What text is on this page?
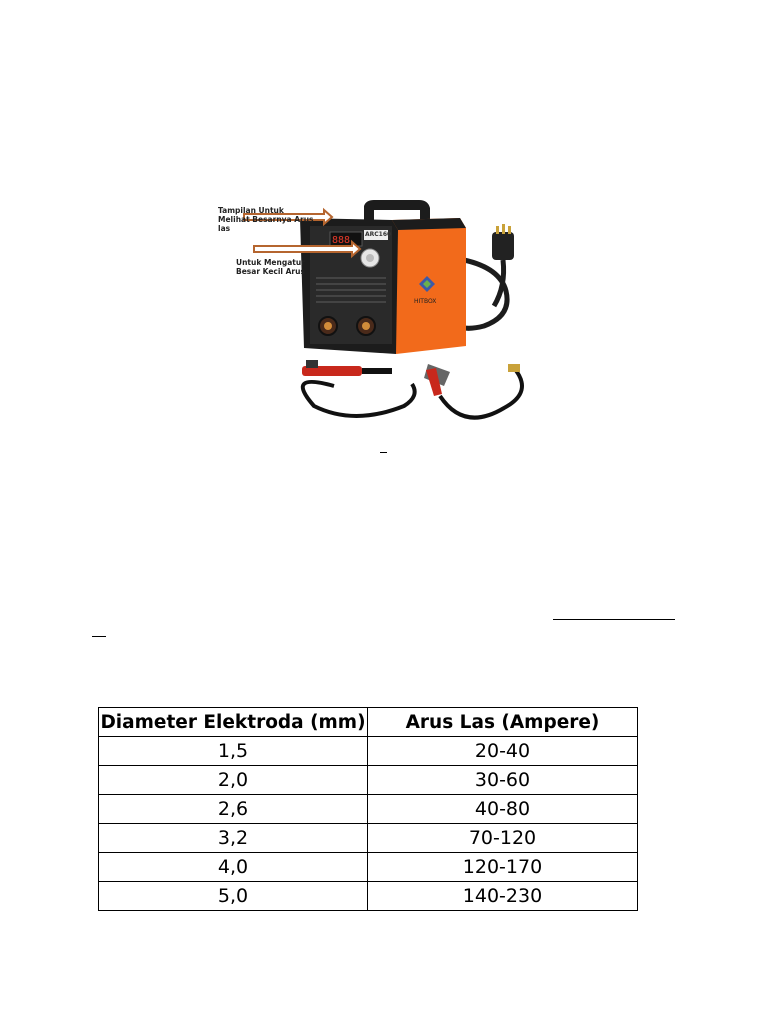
888
ARC160
HITBOX
Tampilan Untuk
Melihat Besarnya Arus
las
Untuk Mengatur
Besar Kecil Arus
Diameter Elektroda (mm)	Arus Las (Ampere)
1,5	20-40
2,0	30-60
2,6	40-80
3,2	70-120
4,0	120-170
5,0	140-230
